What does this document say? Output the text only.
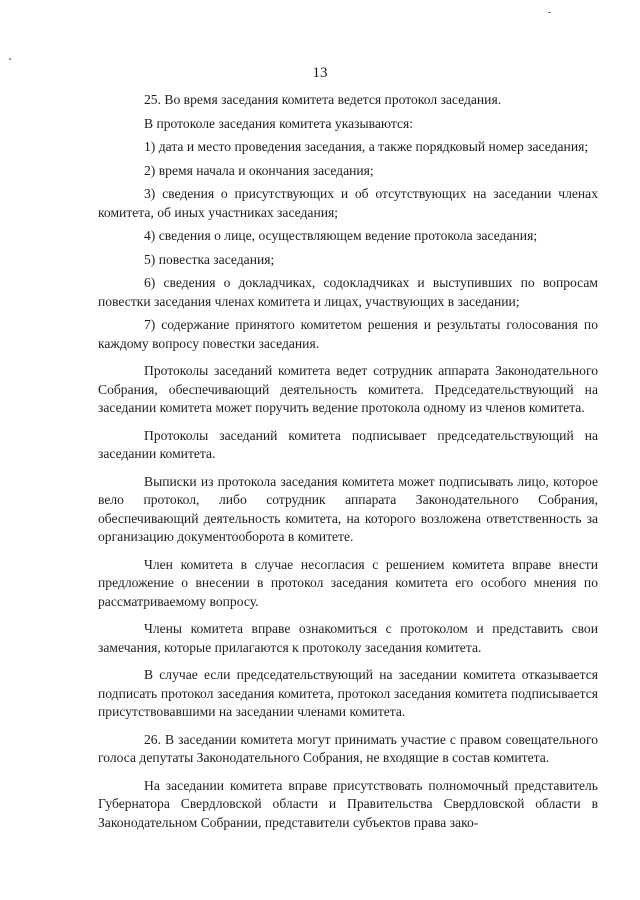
13

25. Во время заседания комитета ведется протокол заседания.

В протоколе заседания комитета указываются:

1) дата и место проведения заседания, а также порядковый номер заседания;

2) время начала и окончания заседания;

3) сведения о присутствующих и об отсутствующих на заседании членах комитета, об иных участниках заседания;

4) сведения о лице, осуществляющем ведение протокола заседания;

5) повестка заседания;

6) сведения о докладчиках, содокладчиках и выступивших по вопросам повестки заседания членах комитета и лицах, участвующих в заседании;

7) содержание принятого комитетом решения и результаты голосования по каждому вопросу повестки заседания.

Протоколы заседаний комитета ведет сотрудник аппарата Законодательного Собрания, обеспечивающий деятельность комитета. Председательствующий на заседании комитета может поручить ведение протокола одному из членов комитета.

Протоколы заседаний комитета подписывает председательствующий на заседании комитета.

Выписки из протокола заседания комитета может подписывать лицо, которое вело протокол, либо сотрудник аппарата Законодательного Собрания, обеспечивающий деятельность комитета, на которого возложена ответственность за организацию документооборота в комитете.

Член комитета в случае несогласия с решением комитета вправе внести предложение о внесении в протокол заседания комитета его особого мнения по рассматриваемому вопросу.

Члены комитета вправе ознакомиться с протоколом и представить свои замечания, которые прилагаются к протоколу заседания комитета.

В случае если председательствующий на заседании комитета отказывается подписать протокол заседания комитета, протокол заседания комитета подписывается присутствовавшими на заседании членами комитета.

26. В заседании комитета могут принимать участие с правом совещательного голоса депутаты Законодательного Собрания, не входящие в состав комитета.

На заседании комитета вправе присутствовать полномочный представитель Губернатора Свердловской области и Правительства Свердловской области в Законодательном Собрании, представители субъектов права зако-
